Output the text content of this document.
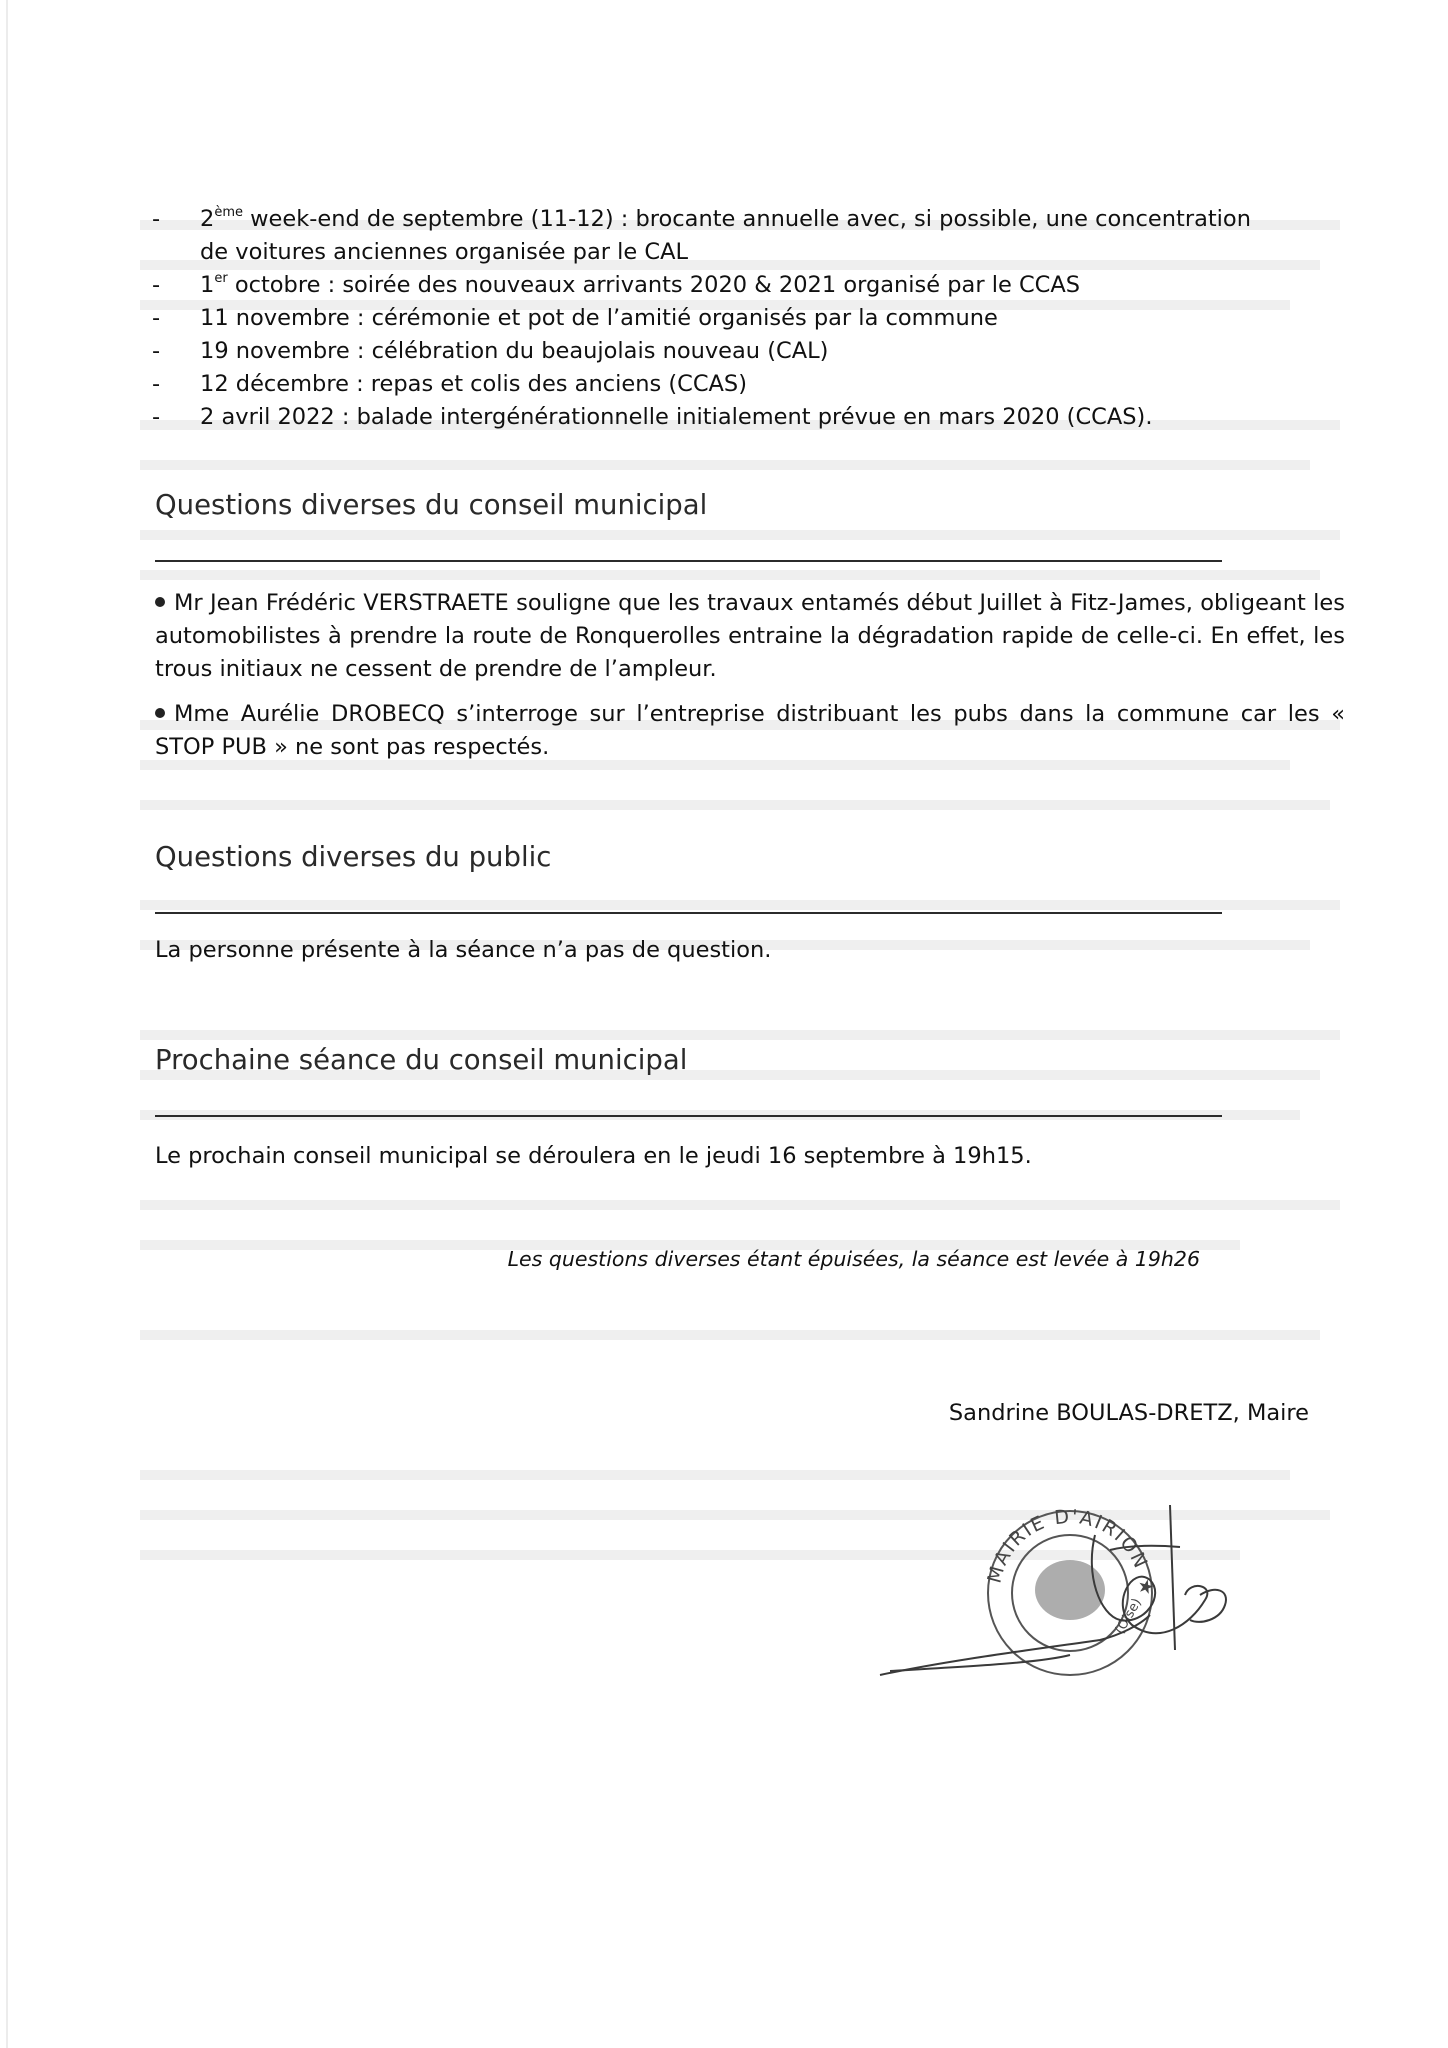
- 2ème week-end de septembre (11-12) : brocante annuelle avec, si possible, une concentration
de voitures anciennes organisée par le CAL
- 1er octobre : soirée des nouveaux arrivants 2020 & 2021 organisé par le CCAS
- 11 novembre : cérémonie et pot de l’amitié organisés par la commune
- 19 novembre : célébration du beaujolais nouveau (CAL)
- 12 décembre : repas et colis des anciens (CCAS)
- 2 avril 2022 : balade intergénérationnelle initialement prévue en mars 2020 (CCAS).
Questions diverses du conseil municipal

Mr Jean Frédéric VERSTRAETE souligne que les travaux entamés début Juillet à Fitz-James, obligeant les automobilistes à prendre la route de Ronquerolles entraine la dégradation rapide de celle-ci. En effet, les trous initiaux ne cessent de prendre de l’ampleur.

Mme Aurélie DROBECQ s’interroge sur l’entreprise distribuant les pubs dans la commune car les « STOP PUB » ne sont pas respectés.

Questions diverses du public

La personne présente à la séance n’a pas de question.

Prochaine séance du conseil municipal

Le prochain conseil municipal se déroulera en le jeudi 16 septembre à 19h15.

Les questions diverses étant épuisées, la séance est levée à 19h26

Sandrine BOULAS-DRETZ, Maire

MAIRIE D'AIRION ★
(Oise)
